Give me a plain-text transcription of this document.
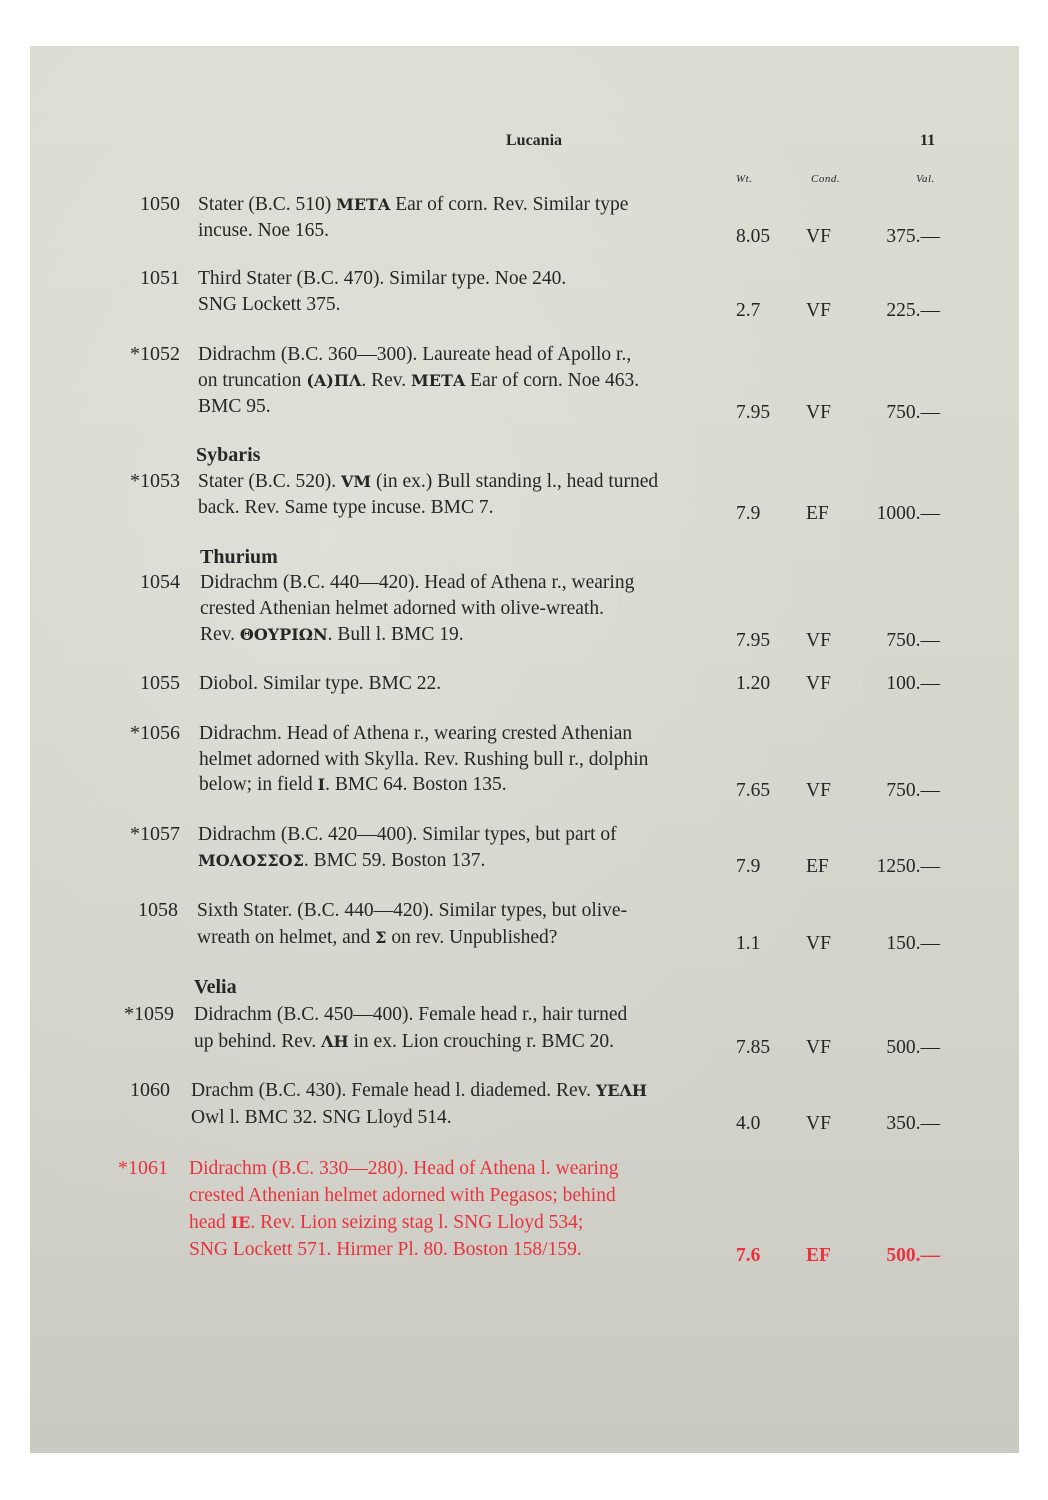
Lucania	11
Wt.	Cond.	Val.
Sybaris
Thurium
Velia
1050 Stater (B.C. 510) ΜΕΤΑ Ear of corn. Rev. Similar type
incuse. Noe 165.	8.05 VF	375.—
1051 Third Stater (B.C. 470). Similar type. Noe 240.
SNG Lockett 375.	2.7 VF	225.—
*1052 Didrachm (B.C. 360—300). Laureate head of Apollo r.,
on truncation (Α)ΠΛ. Rev. ΜΕΤΑ Ear of corn. Noe 463.
BMC 95.	7.95 VF	750.—
*1053 Stater (B.C. 520). VM (in ex.) Bull standing l., head turned
back. Rev. Same type incuse. BMC 7.	7.9 EF	1000.—
1054 Didrachm (B.C. 440—420). Head of Athena r., wearing
crested Athenian helmet adorned with olive-wreath.
Rev. ΘΟΥΡΙΩΝ. Bull l. BMC 19.	7.95 VF	750.—
1055 Diobol. Similar type. BMC 22.	1.20 VF	100.—
*1056 Didrachm. Head of Athena r., wearing crested Athenian
helmet adorned with Skylla. Rev. Rushing bull r., dolphin
below; in field I. BMC 64. Boston 135.	7.65 VF	750.—
*1057 Didrachm (B.C. 420—400). Similar types, but part of
ΜΟΛΟΣΣΟΣ. BMC 59. Boston 137.	7.9 EF	1250.—
1058 Sixth Stater. (B.C. 440—420). Similar types, but olive-
wreath on helmet, and Σ on rev. Unpublished?	1.1 VF	150.—
*1059 Didrachm (B.C. 450—400). Female head r., hair turned
up behind. Rev. ΛΗ in ex. Lion crouching r. BMC 20.	7.85 VF	500.—
1060 Drachm (B.C. 430). Female head l. diademed. Rev. ΥΕΛΗ
Owl l. BMC 32. SNG Lloyd 514.	4.0 VF	350.—
*1061 Didrachm (B.C. 330—280). Head of Athena l. wearing
crested Athenian helmet adorned with Pegasos; behind
head IE. Rev. Lion seizing stag l. SNG Lloyd 534;
SNG Lockett 571. Hirmer Pl. 80. Boston 158/159.	7.6 EF	500.—
